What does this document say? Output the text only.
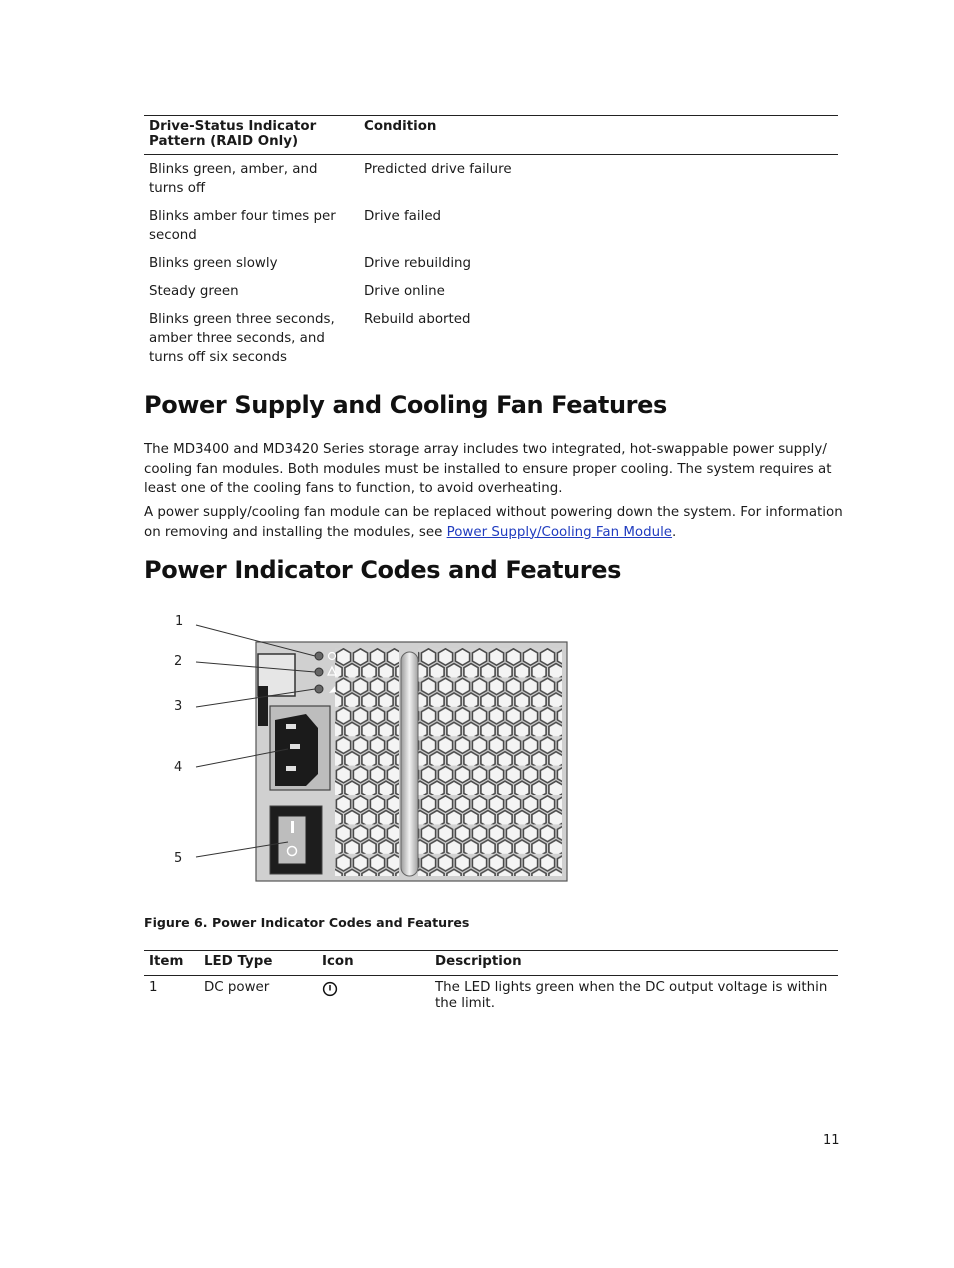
Drive-Status Indicator Pattern (RAID Only)	Condition
Blinks green, amber, and turns off	Predicted drive failure
Blinks amber four times per second	Drive failed
Blinks green slowly	Drive rebuilding
Steady green	Drive online
Blinks green three seconds, amber three seconds, and turns off six seconds	Rebuild aborted
Power Supply and Cooling Fan Features

The MD3400 and MD3420 Series storage array includes two integrated, hot-swappable power supply/ cooling fan modules. Both modules must be installed to ensure proper cooling. The system requires at least one of the cooling fans to function, to avoid overheating.

A power supply/cooling fan module can be replaced without powering down the system. For information on removing and installing the modules, see Power Supply/Cooling Fan Module.

Power Indicator Codes and Features
1
2
3
4
5

Figure 6. Power Indicator Codes and Features

Item	LED Type	Icon	Description
1	DC power		The LED lights green when the DC output voltage is within the limit.
11
